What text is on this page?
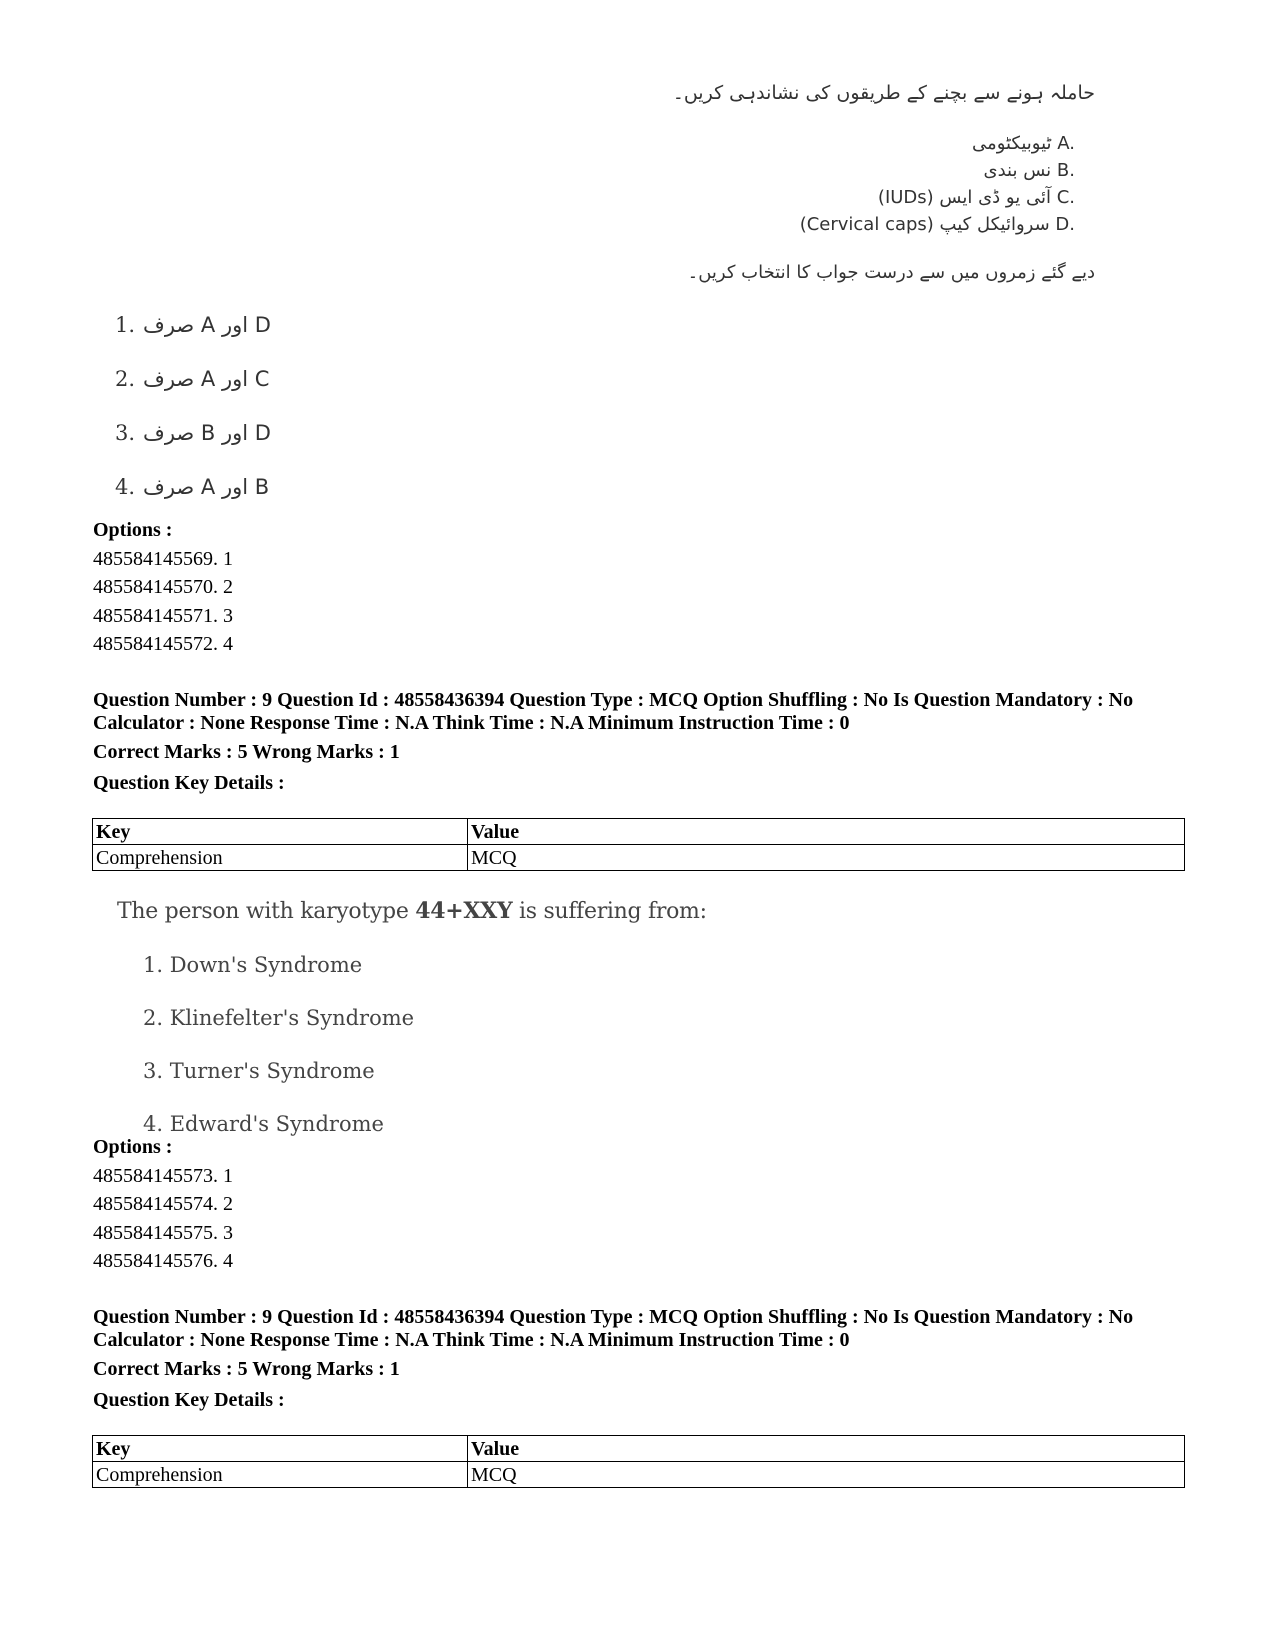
حاملہ ہونے سے بچنے کے طریقوں کی نشاندہی کریں۔

A. ٹیوبیکٹومی
B. نس بندی
C. آئی یو ڈی ایس (IUDs)
D. سروائیکل کیپ (Cervical caps)

دیے گئے زمروں میں سے درست جواب کا انتخاب کریں۔

1. صرف A اور D
2. صرف A اور C
3. صرف B اور D
4. صرف A اور B
Options :
485584145569. 1
485584145570. 2
485584145571. 3
485584145572. 4
Question Number : 9 Question Id : 48558436394 Question Type : MCQ Option Shuffling : No Is Question Mandatory : No
Calculator : None Response Time : N.A Think Time : N.A Minimum Instruction Time : 0
Correct Marks : 5 Wrong Marks : 1
Question Key Details :
Key	Value
Comprehension	MCQ
The person with karyotype 44+XXY is suffering from:
1. Down's Syndrome
2. Klinefelter's Syndrome
3. Turner's Syndrome
4. Edward's Syndrome
Options :
485584145573. 1
485584145574. 2
485584145575. 3
485584145576. 4
Question Number : 9 Question Id : 48558436394 Question Type : MCQ Option Shuffling : No Is Question Mandatory : No
Calculator : None Response Time : N.A Think Time : N.A Minimum Instruction Time : 0
Correct Marks : 5 Wrong Marks : 1
Question Key Details :
Key	Value
Comprehension	MCQ
